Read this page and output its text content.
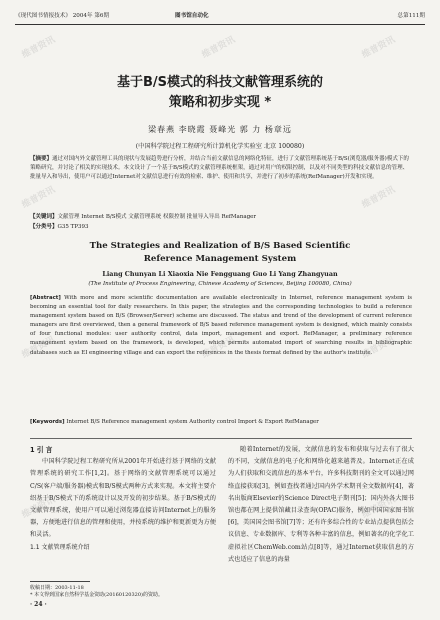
《现代图书情报技术》 2004年 第6期	图书馆自动化	总第111期
基于B/S模式的科技文献管理系统的
策略和初步实现 *
梁春燕 李晓霞 聂峰光 郭 力 杨章远
(中国科学院过程工程研究所计算机化学实验室 北京 100080)
【摘要】通过对国内外文献管理工具的现状与发展趋势进行分析，并结合当前文献信息的网络化特征，进行了文献管理系统基于B/S(浏览器/服务器)模式下的策略研究，并讨论了相关的实现技术。本文设计了一个基于B/S模式的文献管理系统框架，通过对用户的权限控制，以及对不同类型的科技文献信息的管理、批量导入和导出，使用户可以通过Internet对文献信息进行有效的检索、维护、使用和共享，并进行了初步的系统(RefManager)开发和实现。
【关键词】文献管理 Internet B/S模式 文献管理系统 权限控制 批量导入导出 RefManager
【分类号】G35 TP393
The Strategies and Realization of B/S Based Scientific
Reference Management System
Liang Chunyan Li Xiaoxia Nie Fengguang Guo Li Yang Zhangyuan
(The Institute of Process Engineering, Chinese Academy of Sciences, Beijing 100080, China)
[Abstract] With more and more scientific documentation are available electronically in Internet, reference management system is becoming an essential tool for daily researchers. In this paper, the strategies and the corresponding technologies to build a reference management system based on B/S (Browser/Server) scheme are discussed. The status and trend of the development of current reference managers are first overviewed, then a general framework of B/S based reference management system is designed, which mainly consists of four functional modules: user authority control, data import, management and export. RefManager, a preliminary reference management system based on the framework, is developed, which permits automated import of searching results in bibliographic databases such as EI engineering village and can export the references in the thesis format defined by the author's institute.
[Keywords] Internet B/S Reference management system Authority control Import & Export RefManager
1 引 言
中国科学院过程工程研究所从2001年开始进行基于网络的文献管理系统的研究工作[1,2]。基于网络的文献管理系统可以通过C/S(客户端/服务器)模式和B/S模式两种方式来实现。本文将主要介绍基于B/S模式下的系统设计以及开发的初步结果。基于B/S模式的文献管理系统，使用户可以通过浏览器直接访问Internet上的服务器，方便地进行信息的管理和使用，并按系统的维护和更新更为方便和灵活。
1.1 文献管理系统介绍
随着Internet的发展，文献信息的发布和获取与过去有了很大的不同，文献信息的电子化和网络化越来越普及。Internet正在成为人们获取和交流信息的基本平台，许多科技期刊的全文可以通过网络直接获取[3]，例如查找者通过国内外学术期刊全文数据库[4]，著名出版商Elsevier的Science Direct电子期刊[5]；国内外各大图书馆也都在网上提供馆藏目录查询(OPAC)服务，例如中国国家图书馆[6]，美国国会图书馆[7]等；还有许多综合性的专业站点提供包括会议信息、专业数据库、专利等各种丰富的信息，例如著名的化学化工虚拟社区ChemWeb.com站点[8]等，通过Internet获取信息的方式也适应了信息的海量
收稿日期：2003-11-18
* 本文得到国家自然科学基金资助(20160120320)的资助。
· 24 ·
维普资讯	维普资讯	维普资讯
维普资讯	维普资讯
维普资讯	维普资讯	维普资讯
维普资讯	维普资讯
